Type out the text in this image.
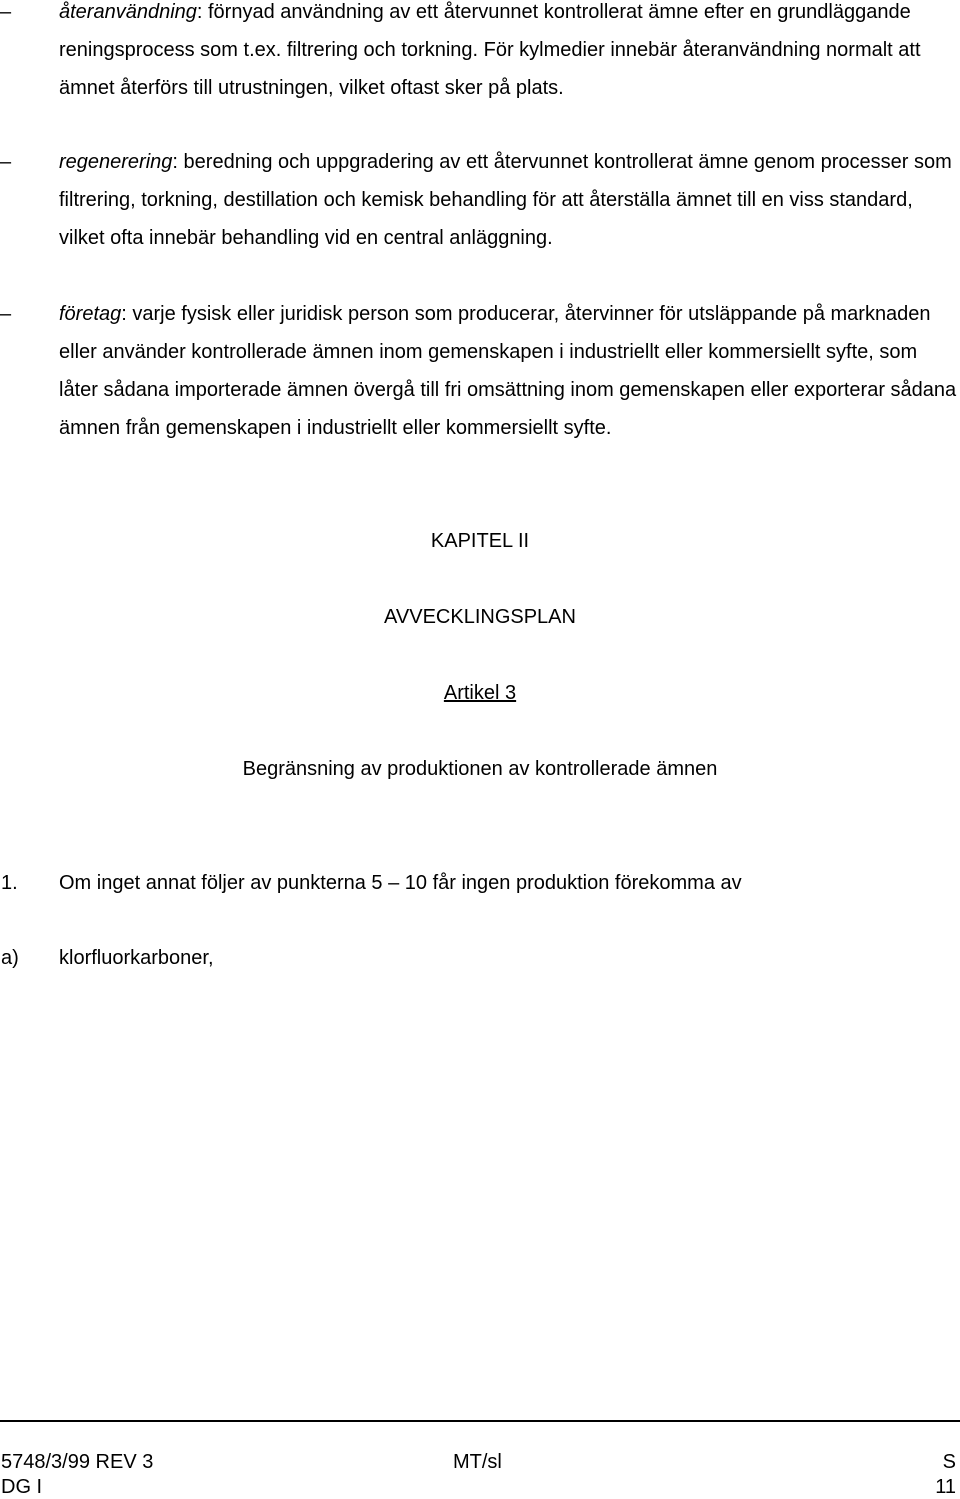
–	återanvändning: förnyad användning av ett återvunnet kontrollerat ämne efter en grundläggande reningsprocess som t.ex. filtrering och torkning. För kylmedier innebär återanvändning normalt att ämnet återförs till utrustningen, vilket oftast sker på plats.

–	regenerering: beredning och uppgradering av ett återvunnet kontrollerat ämne genom processer som filtrering, torkning, destillation och kemisk behandling för att återställa ämnet till en viss standard, vilket ofta innebär behandling vid en central anläggning.

–	företag: varje fysisk eller juridisk person som producerar, återvinner för utsläppande på marknaden eller använder kontrollerade ämnen inom gemenskapen i industriellt eller kommersiellt syfte, som låter sådana importerade ämnen övergå till fri omsättning inom gemenskapen eller exporterar sådana ämnen från gemenskapen i industriellt eller kommersiellt syfte.

KAPITEL II
AVVECKLINGSPLAN
Artikel 3
Begränsning av produktionen av kontrollerade ämnen
1. Om inget annat följer av punkterna 5 – 10 får ingen produktion förekomma av
a) klorfluorkarboner,
5748/3/99 REV 3	MT/sl	S
DG I	11
